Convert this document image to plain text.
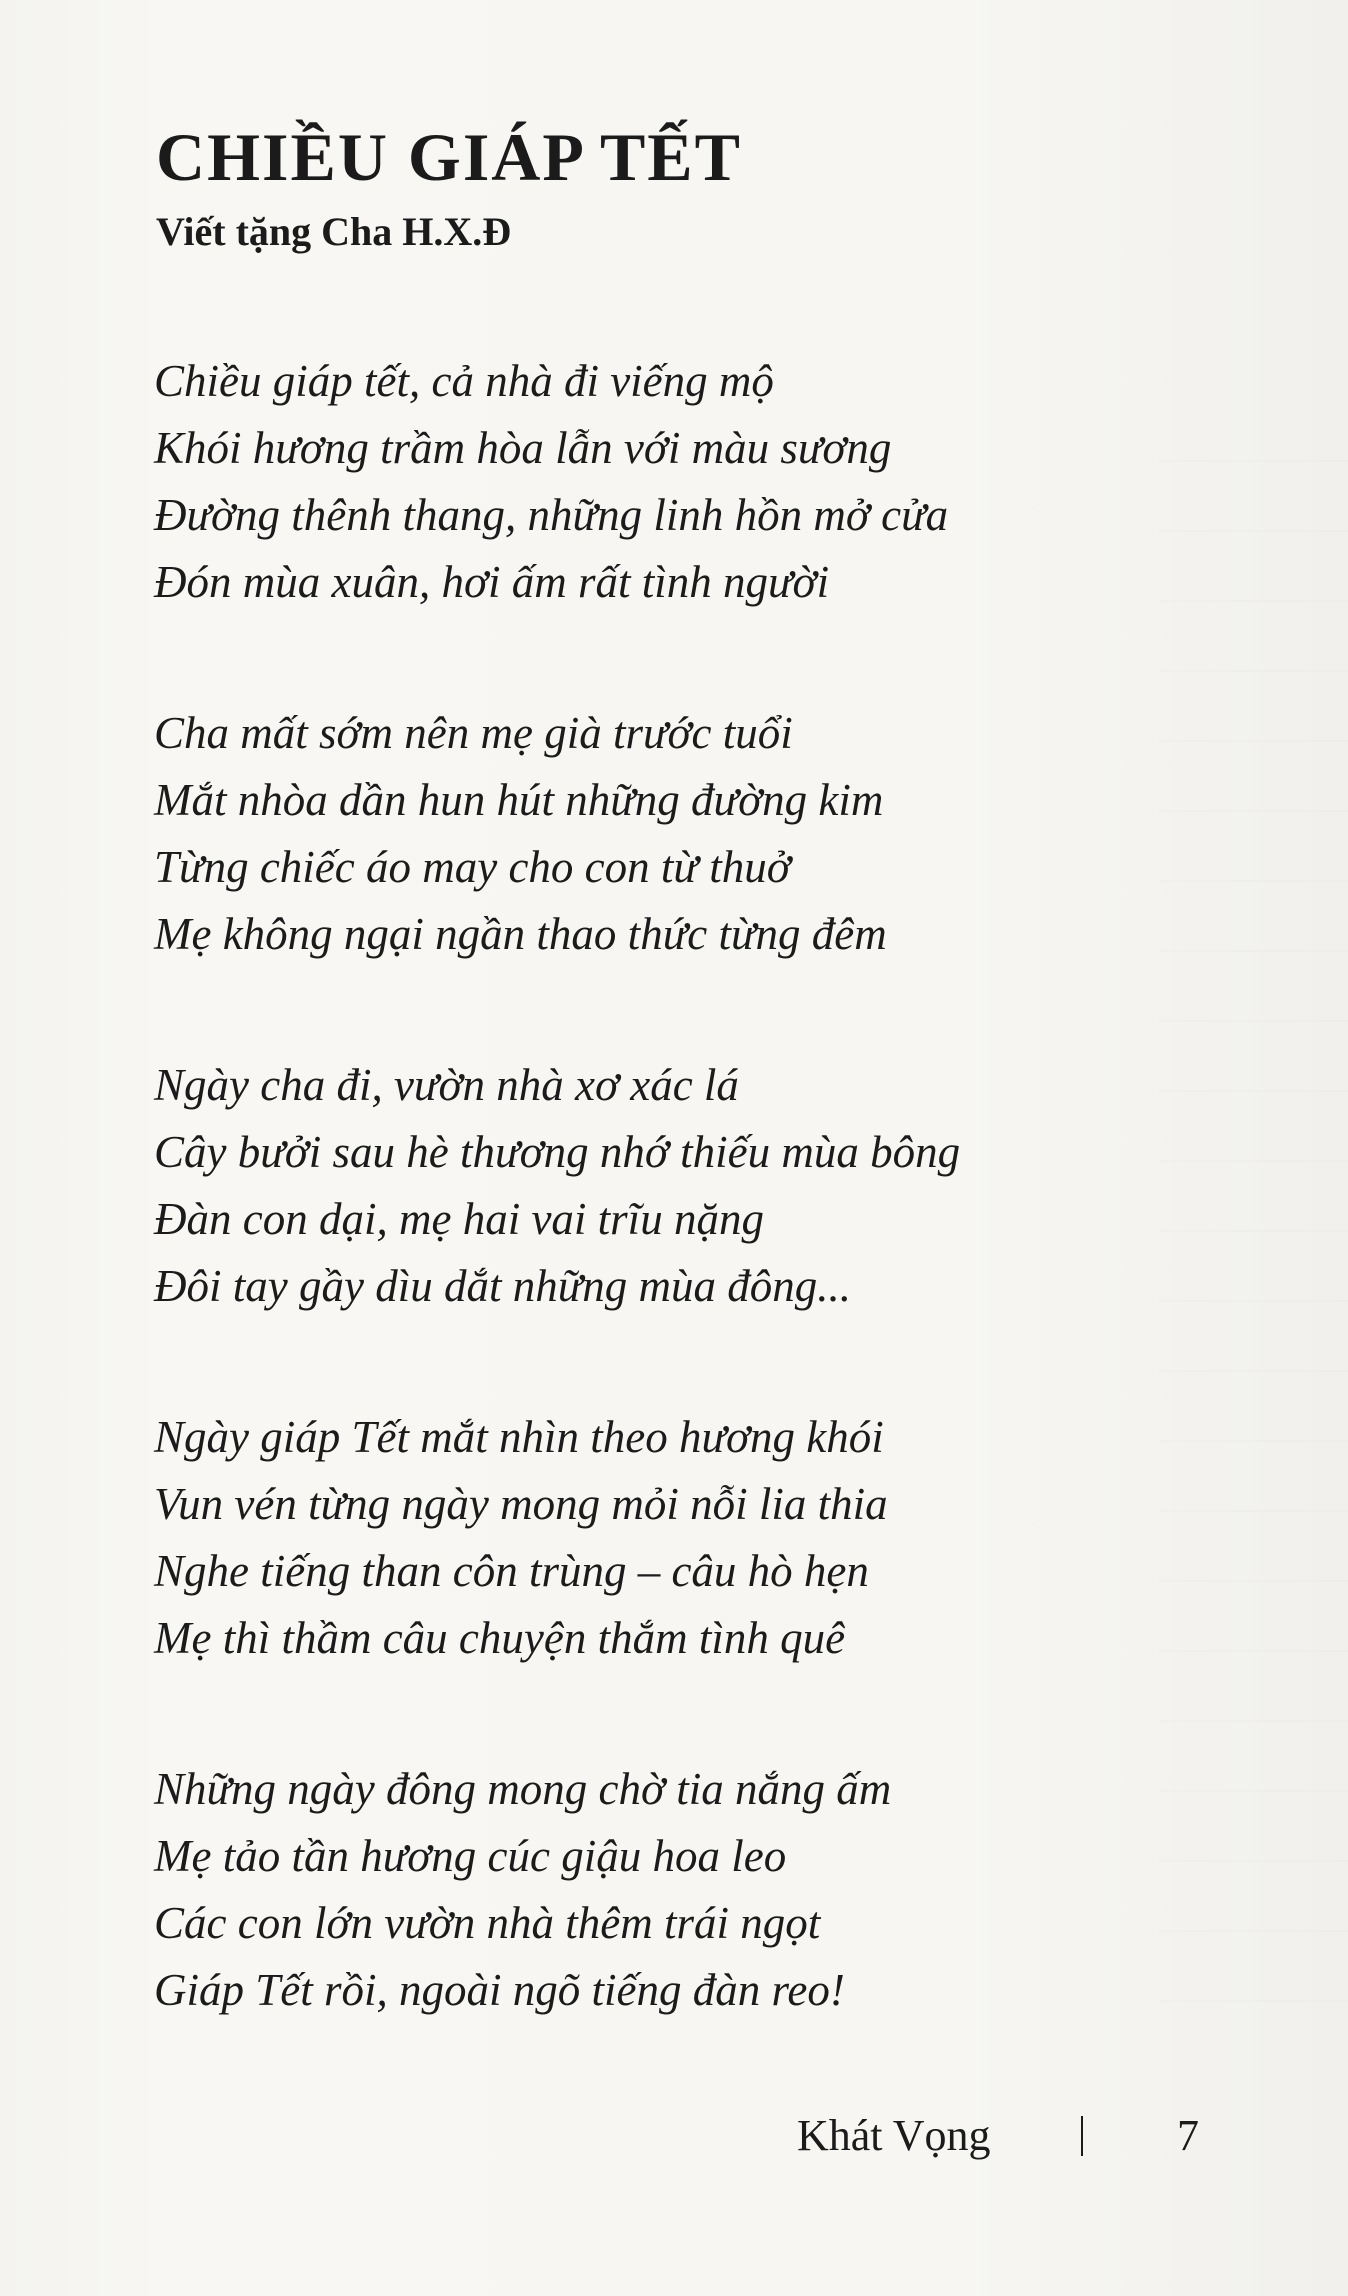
CHIỀU GIÁP TẾT
Viết tặng Cha H.X.Đ
Chiều giáp tết, cả nhà đi viếng mộ
Khói hương trầm hòa lẫn với màu sương
Đường thênh thang, những linh hồn mở cửa
Đón mùa xuân, hơi ấm rất tình người
Cha mất sớm nên mẹ già trước tuổi
Mắt nhòa dần hun hút những đường kim
Từng chiếc áo may cho con từ thuở
Mẹ không ngại ngần thao thức từng đêm
Ngày cha đi, vườn nhà xơ xác lá
Cây bưởi sau hè thương nhớ thiếu mùa bông
Đàn con dại, mẹ hai vai trĩu nặng
Đôi tay gầy dìu dắt những mùa đông...
Ngày giáp Tết mắt nhìn theo hương khói
Vun vén từng ngày mong mỏi nỗi lia thia
Nghe tiếng than côn trùng – câu hò hẹn
Mẹ thì thầm câu chuyện thắm tình quê
Những ngày đông mong chờ tia nắng ấm
Mẹ tảo tần hương cúc giậu hoa leo
Các con lớn vườn nhà thêm trái ngọt
Giáp Tết rồi, ngoài ngõ tiếng đàn reo!
Khát Vọng	7
